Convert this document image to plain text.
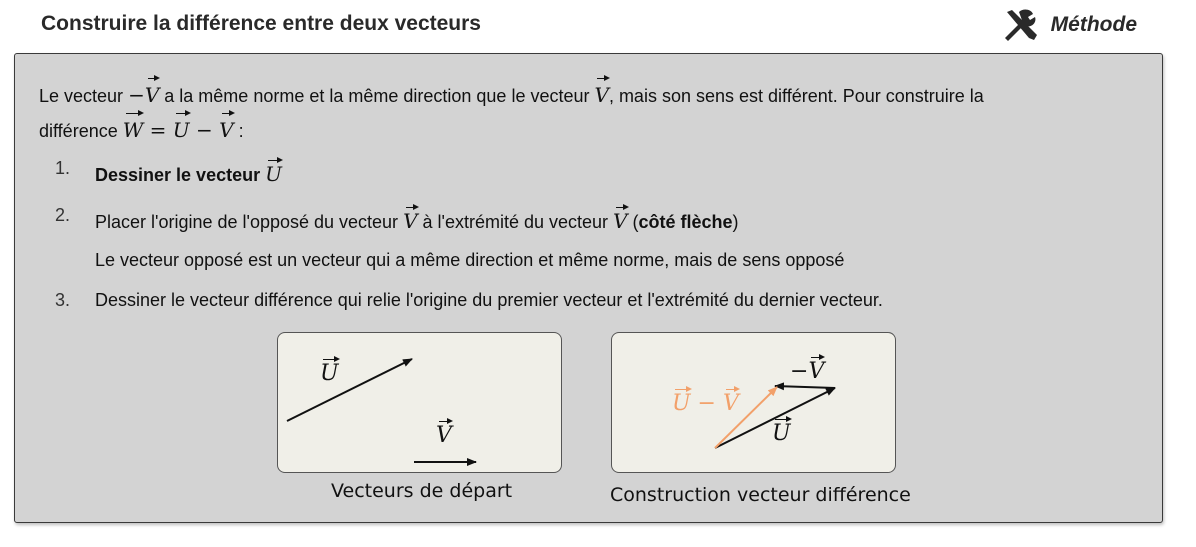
Construire la différence entre deux vecteurs	Méthode
Le vecteur −V a la même norme et la même direction que le vecteur V, mais son sens est différent. Pour construire la
différence W = U − V :
1. Dessiner le vecteur U
2. Placer l'origine de l'opposé du vecteur V à l'extrémité du vecteur V (côté flèche)
Le vecteur opposé est un vecteur qui a même direction et même norme, mais de sens opposé
3. Dessiner le vecteur différence qui relie l'origine du premier vecteur et l'extrémité du dernier vecteur.
U
V
Vecteurs de départ
−V
U
U − V
Construction vecteur différence
